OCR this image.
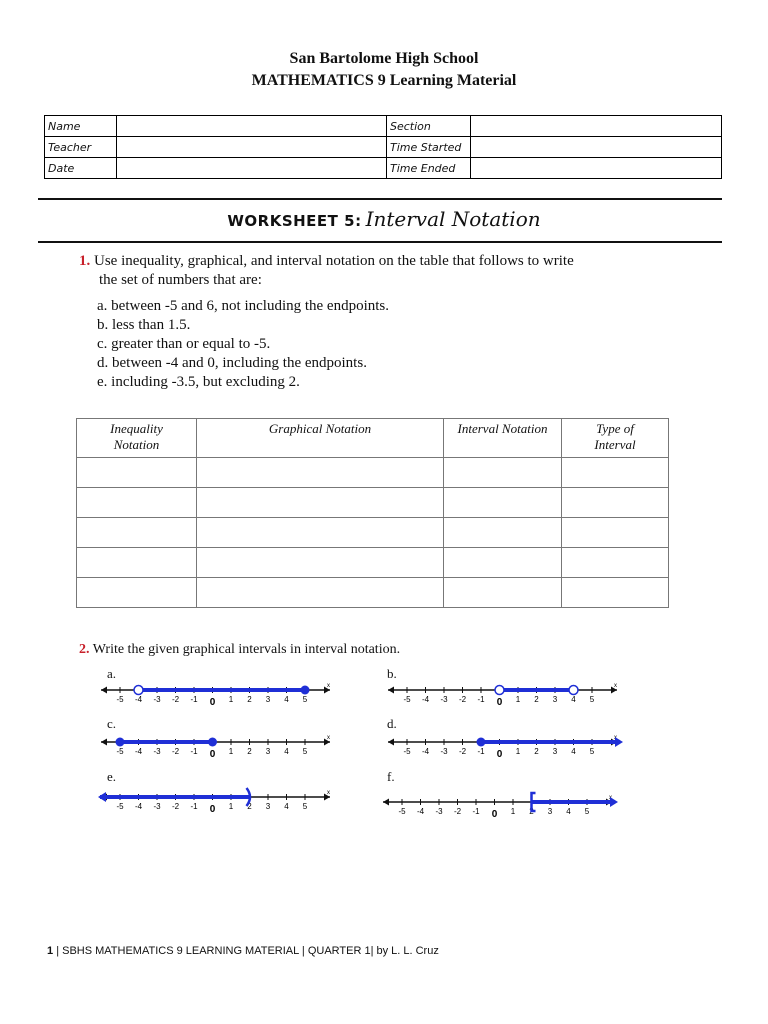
San Bartolome High School
MATHEMATICS 9 Learning Material
Name		Section	
Teacher		Time Started	
Date		Time Ended	
WORKSHEET 5: Interval Notation
1. Use inequality, graphical, and interval notation on the table that follows to write
the set of numbers that are:
a. between -5 and 6, not including the endpoints.
b. less than 1.5.
c. greater than or equal to -5.
d. between -4 and 0, including the endpoints.
e. including -3.5, but excluding 2.
Inequality
Notation	Graphical Notation	Interval Notation	Type of
Interval

2. Write the given graphical intervals in interval notation.
a.	b.
c.	d.
e.	f.
x
-5 -4 -3 -2 -1 0 1 2 3 4 5
x
-5 -4 -3 -2 -1 0 1 2 3 4 5
x
-5 -4 -3 -2 -1 0 1 2 3 4 5	-5 -4 -3 -2 -1 0 1 2 3 4 5
x
-5 -4 -3 -2 -1 0 1 2 3 4 5
-5 -4 -3 -2 -1 0 1 2 3 4 5
1 | SBHS MATHEMATICS 9 LEARNING MATERIAL | QUARTER 1| by L. L. Cruz
